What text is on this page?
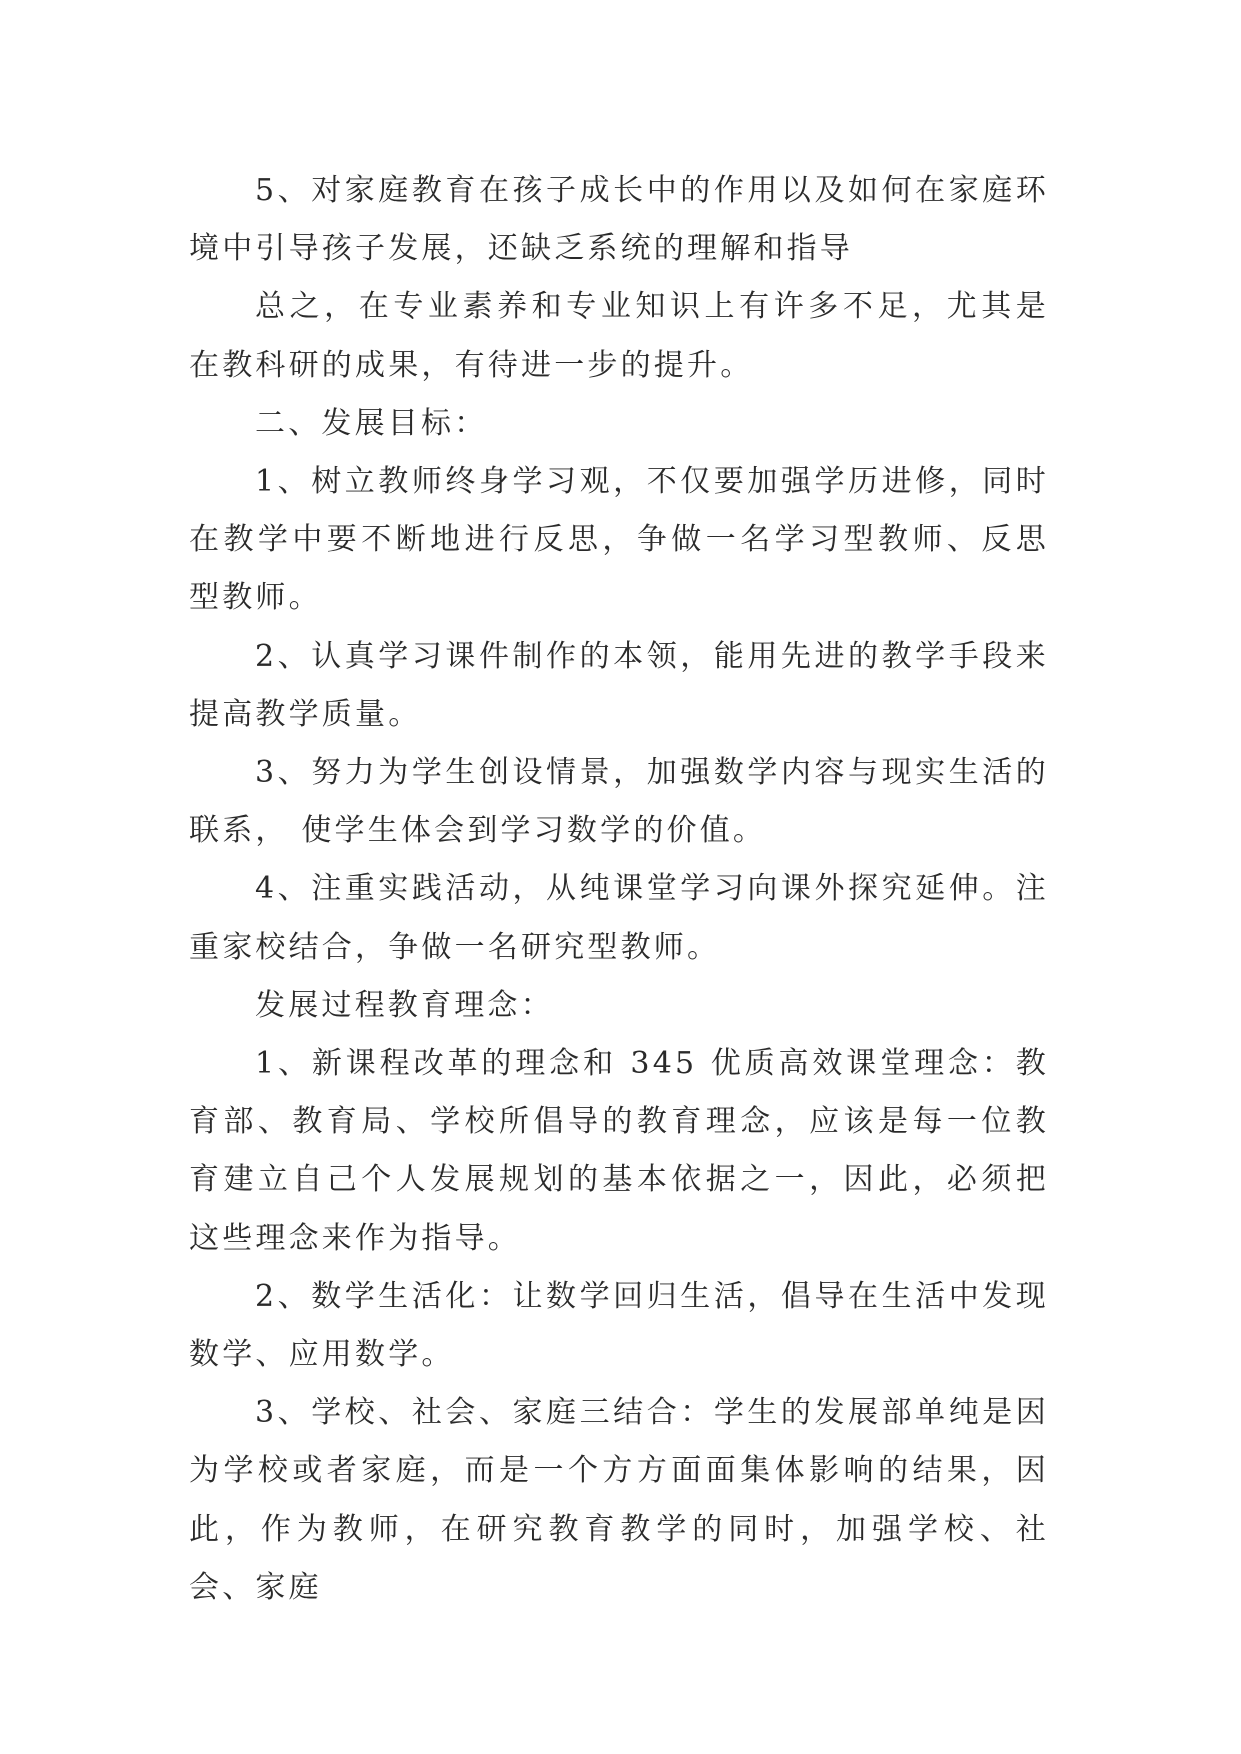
5、对家庭教育在孩子成长中的作用以及如何在家庭环境中引导孩子发展，还缺乏系统的理解和指导

总之，在专业素养和专业知识上有许多不足，尤其是在教科研的成果，有待进一步的提升。

二、发展目标：

1、树立教师终身学习观，不仅要加强学历进修，同时在教学中要不断地进行反思，争做一名学习型教师、反思型教师。

2、认真学习课件制作的本领，能用先进的教学手段来提高教学质量。

3、努力为学生创设情景，加强数学内容与现实生活的联系， 使学生体会到学习数学的价值。

4、注重实践活动，从纯课堂学习向课外探究延伸。注重家校结合，争做一名研究型教师。

发展过程教育理念：

1、新课程改革的理念和 345 优质高效课堂理念：教育部、教育局、学校所倡导的教育理念，应该是每一位教育建立自己个人发展规划的基本依据之一，因此，必须把这些理念来作为指导。

2、数学生活化：让数学回归生活，倡导在生活中发现数学、应用数学。

3、学校、社会、家庭三结合：学生的发展部单纯是因为学校或者家庭，而是一个方方面面集体影响的结果，因此，作为教师，在研究教育教学的同时，加强学校、社会、家庭
